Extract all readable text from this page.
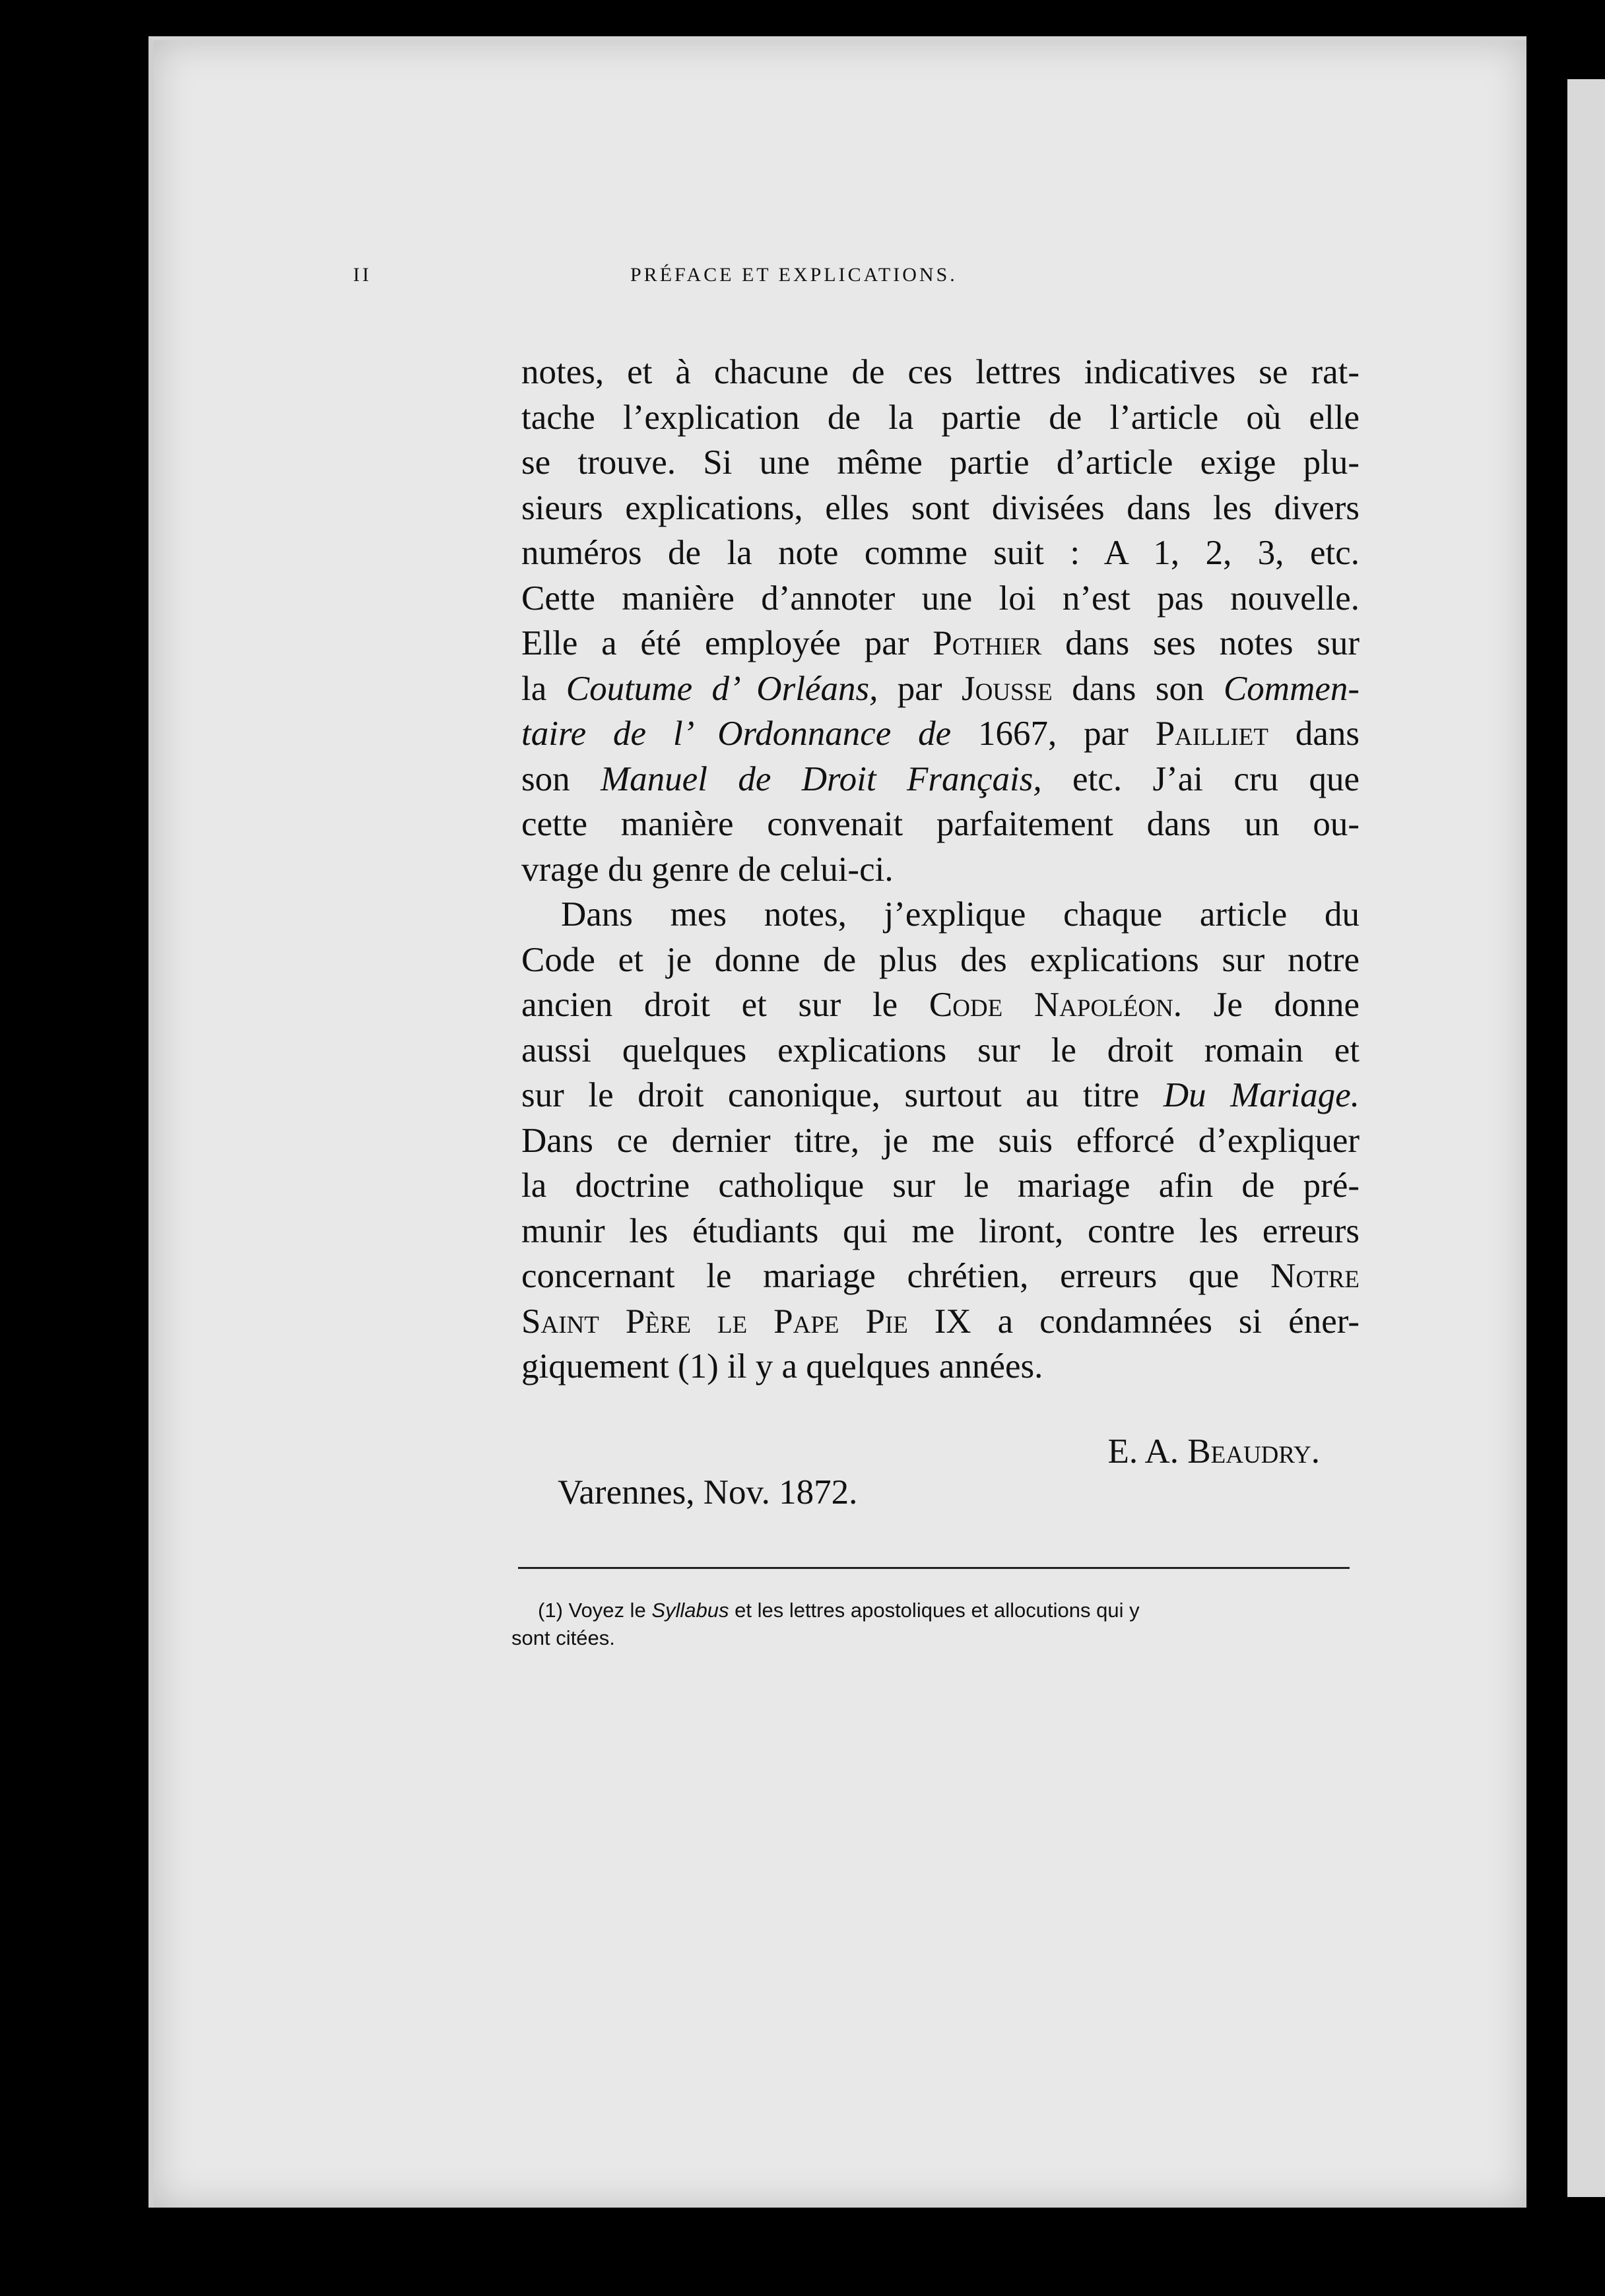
II	PRÉFACE ET EXPLICATIONS.
notes, et à chacune de ces lettres indicatives se rat-
tache l’explication de la partie de l’article où elle
se trouve. Si une même partie d’article exige plu-
sieurs explications, elles sont divisées dans les divers
numéros de la note comme suit : A 1, 2, 3, etc.
Cette manière d’annoter une loi n’est pas nouvelle.
Elle a été employée par Pothier dans ses notes sur
la Coutume d’ Orléans, par Jousse dans son Commen-
taire de l’ Ordonnance de 1667, par Pailliet dans
son Manuel de Droit Français, etc. J’ai cru que
cette manière convenait parfaitement dans un ou-
vrage du genre de celui-ci.
Dans mes notes, j’explique chaque article du
Code et je donne de plus des explications sur notre
ancien droit et sur le Code Napoléon. Je donne
aussi quelques explications sur le droit romain et
sur le droit canonique, surtout au titre Du Mariage.
Dans ce dernier titre, je me suis efforcé d’expliquer
la doctrine catholique sur le mariage afin de pré-
munir les étudiants qui me liront, contre les erreurs
concernant le mariage chrétien, erreurs que Notre
Saint Père le Pape Pie IX a condamnées si éner-
giquement (1) il y a quelques années.
E. A. Beaudry.
Varennes, Nov. 1872.
(1) Voyez le Syllabus et les lettres apostoliques et allocutions qui y
sont citées.
